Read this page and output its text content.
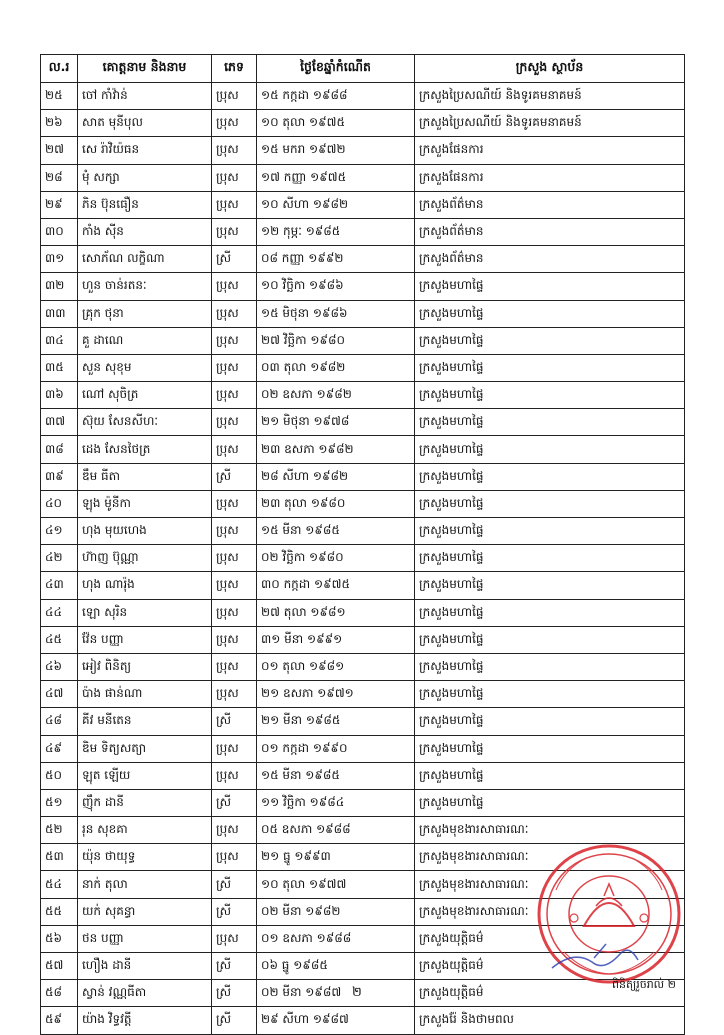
ល.រ	គោត្តនាម និងនាម	ភេទ	ថ្ងៃខែឆ្នាំកំណើត	ក្រសួង ស្ថាប័ន
២៥	ចៅ កាំវ៉ាន់	ប្រុស	១៥ កក្កដា ១៩៨៨	ក្រសួងប្រៃសណីយ៍ និងទូរគមនាគមន៍
២៦	សាត មុនីបុល	ប្រុស	១០ តុលា ១៩៧៥	ក្រសួងប្រៃសណីយ៍ និងទូរគមនាគមន៍
២៧	សេ រ៉ាវិយ៉ធន	ប្រុស	១៥ មករា ១៩៧២	ក្រសួងផែនការ
២៨	មុំ សក្សា	ប្រុស	១៧ កញ្ញា ១៩៧៥	ក្រសួងផែនការ
២៩	ភិន ប៊ុនធឿន	ប្រុស	១០ សីហា ១៩៨២	ក្រសួងព័ត៌មាន
៣០	កាំង ស៊ីន	ប្រុស	១២ កុម្ភៈ ១៩៨៥	ក្រសួងព័ត៌មាន
៣១	សោភ័ណ លក្ខិណា	ស្រី	០៨ កញ្ញា ១៩៩២	ក្រសួងព័ត៌មាន
៣២	ហួន ចាន់រតនៈ	ប្រុស	១០ វិច្ឆិកា ១៩៨៦	ក្រសួងមហាផ្ទៃ
៣៣	គ្រុក ថុនា	ប្រុស	១៥ មិថុនា ១៩៨៦	ក្រសួងមហាផ្ទៃ
៣៤	គួ ដាណេ	ប្រុស	២៧ វិច្ឆិកា ១៩៨០	ក្រសួងមហាផ្ទៃ
៣៥	សួន សុខុម	ប្រុស	០៣ តុលា ១៩៨២	ក្រសួងមហាផ្ទៃ
៣៦	ណៅ សុចិត្រ	ប្រុស	០២ ឧសភា ១៩៨២	ក្រសួងមហាផ្ទៃ
៣៧	ស៊ុយ សែនសីហៈ	ប្រុស	២១ មិថុនា ១៩៧៨	ក្រសួងមហាផ្ទៃ
៣៨	ដេង សែនថៃត្រ	ប្រុស	២៣ ឧសភា ១៩៨២	ក្រសួងមហាផ្ទៃ
៣៩	ឌឹម ធីតា	ស្រី	២៨ សីហា ១៩៨២	ក្រសួងមហាផ្ទៃ
៤០	ឡុង ម៉ូនីកា	ប្រុស	២៣ តុលា ១៩៨០	ក្រសួងមហាផ្ទៃ
៤១	ហុង មុយហេង	ប្រុស	១៥ មីនា ១៩៨៥	ក្រសួងមហាផ្ទៃ
៤២	ហ៊ាញ ប៊ុណ្ណា	ប្រុស	០២ វិច្ឆិកា ១៩៨០	ក្រសួងមហាផ្ទៃ
៤៣	ហុង ណារ៉ុង	ប្រុស	៣០ កក្កដា ១៩៧៥	ក្រសួងមហាផ្ទៃ
៤៤	ឡោ សុរិន	ប្រុស	២៧ តុលា ១៩៨១	ក្រសួងមហាផ្ទៃ
៤៥	វ៉ែន បញ្ញា	ប្រុស	៣១ មីនា ១៩៩១	ក្រសួងមហាផ្ទៃ
៤៦	អៀវ ពិនិត្យ	ប្រុស	០១ តុលា ១៩៨១	ក្រសួងមហាផ្ទៃ
៤៧	ប៉ាង ផាន់ណា	ប្រុស	២១ ឧសភា ១៩៧១	ក្រសួងមហាផ្ទៃ
៤៨	គីវ មនីតេន	ស្រី	២១ មីនា ១៩៨៥	ក្រសួងមហាផ្ទៃ
៤៩	ឌិម ទិត្យសត្យា	ប្រុស	០១ កក្កដា ១៩៩០	ក្រសួងមហាផ្ទៃ
៥០	ឡុត ឡើយ	ប្រុស	១៥ មីនា ១៩៨៥	ក្រសួងមហាផ្ទៃ
៥១	ញ៉ឹក ដានី	ស្រី	១១ វិច្ឆិកា ១៩៨៤	ក្រសួងមហាផ្ទៃ
៥២	រុន សុខគា	ប្រុស	០៥ ឧសភា ១៩៨៨	ក្រសួងមុខងារសាធារណៈ
៥៣	យ៉ុន ថាយុទ្ធ	ប្រុស	២១ ធ្នូ ១៩៩៣	ក្រសួងមុខងារសាធារណៈ
៥៤	នាក់ តុលា	ស្រី	១០ តុលា ១៩៧៧	ក្រសួងមុខងារសាធារណៈ
៥៥	យក់ សុគន្ធា	ស្រី	០២ មីនា ១៩៨២	ក្រសួងមុខងារសាធារណៈ
៥៦	ថន បញ្ញា	ប្រុស	០១ ឧសភា ១៩៨៨	ក្រសួងយុត្តិធម៌
៥៧	ហឿង ដានី	ស្រី	០៦ ធ្នូ ១៩៨៥	ក្រសួងយុត្តិធម៌
៥៨	ស្វាន់ វណ្ណធីតា	ស្រី	០២ មីនា ១៩៨៧	ក្រសួងយុត្តិធម៌
៥៩	យ៉ាង វិទ្ធវត្តី	ស្រី	២៩ សីហា ១៩៨៧	ក្រសួងរ៉ែ និងថាមពល
២
ពិនិត្យរួចរាល់ ២
